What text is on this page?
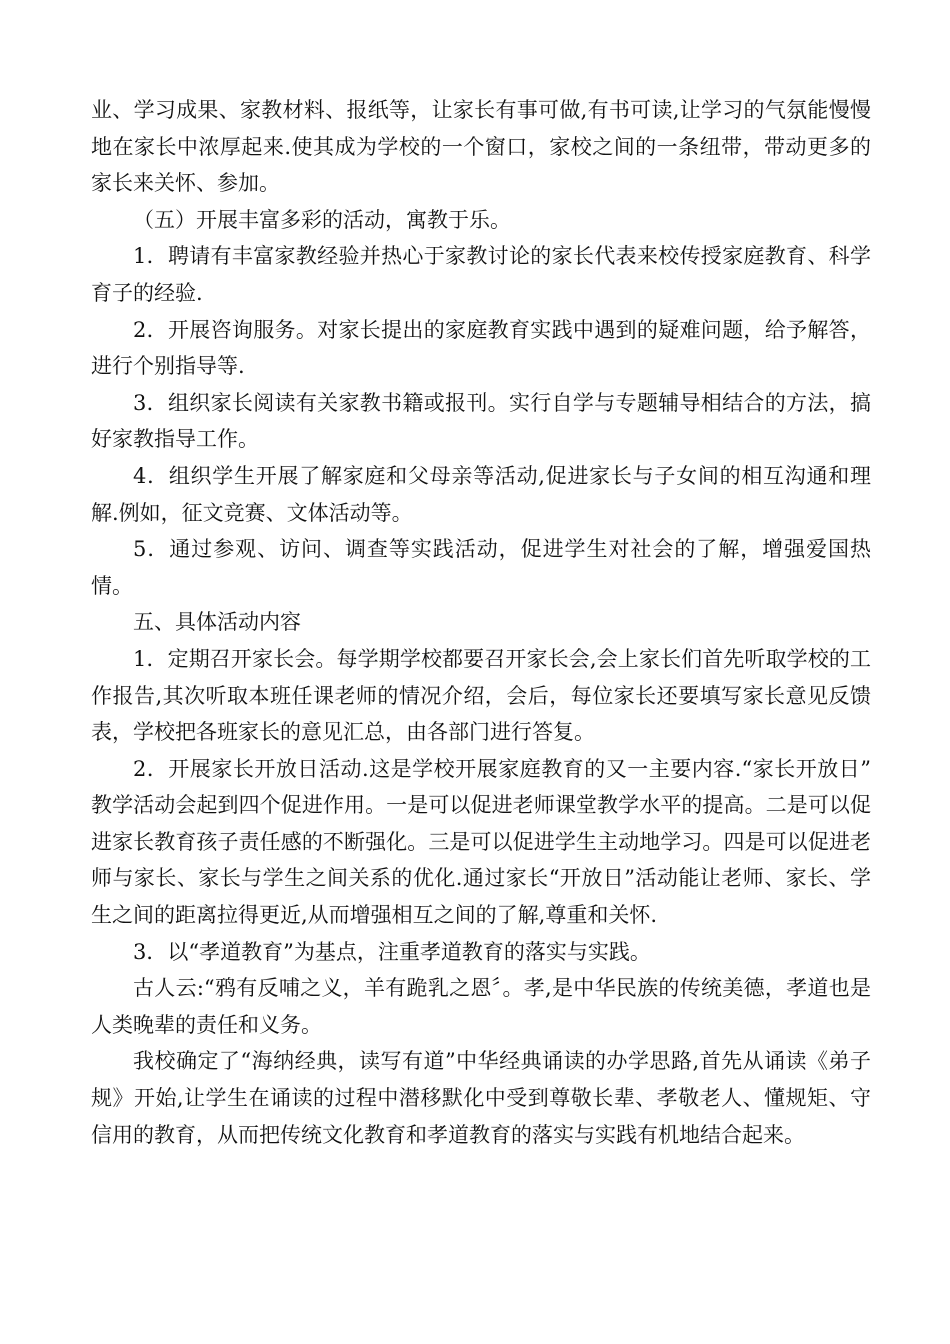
业、学习成果、家教材料、报纸等，让家长有事可做,有书可读,让学习的气氛能慢慢地在家长中浓厚起来.使其成为学校的一个窗口，家校之间的一条纽带，带动更多的家长来关怀、参加。

（五）开展丰富多彩的活动，寓教于乐。

1．聘请有丰富家教经验并热心于家教讨论的家长代表来校传授家庭教育、科学育子的经验.

2．开展咨询服务。对家长提出的家庭教育实践中遇到的疑难问题，给予解答，进行个别指导等.

3．组织家长阅读有关家教书籍或报刊。实行自学与专题辅导相结合的方法，搞好家教指导工作。

4．组织学生开展了解家庭和父母亲等活动,促进家长与子女间的相互沟通和理解.例如，征文竞赛、文体活动等。

5．通过参观、访问、调查等实践活动，促进学生对社会的了解，增强爱国热情。

五、具体活动内容

1．定期召开家长会。每学期学校都要召开家长会,会上家长们首先听取学校的工作报告,其次听取本班任课老师的情况介绍，会后，每位家长还要填写家长意见反馈表，学校把各班家长的意见汇总，由各部门进行答复。

2．开展家长开放日活动.这是学校开展家庭教育的又一主要内容.“家长开放日” 教学活动会起到四个促进作用。一是可以促进老师课堂教学水平的提高。二是可以促进家长教育孩子责任感的不断强化。三是可以促进学生主动地学习。四是可以促进老师与家长、家长与学生之间关系的优化.通过家长“开放日”活动能让老师、家长、学生之间的距离拉得更近,从而增强相互之间的了解,尊重和关怀.

3．以“孝道教育”为基点，注重孝道教育的落实与实践。

古人云:“鸦有反哺之义，羊有跪乳之恩〞。孝,是中华民族的传统美德，孝道也是人类晚辈的责任和义务。

我校确定了“海纳经典，读写有道”中华经典诵读的办学思路,首先从诵读《弟子规》开始,让学生在诵读的过程中潜移默化中受到尊敬长辈、孝敬老人、懂规矩、守信用的教育，从而把传统文化教育和孝道教育的落实与实践有机地结合起来。
